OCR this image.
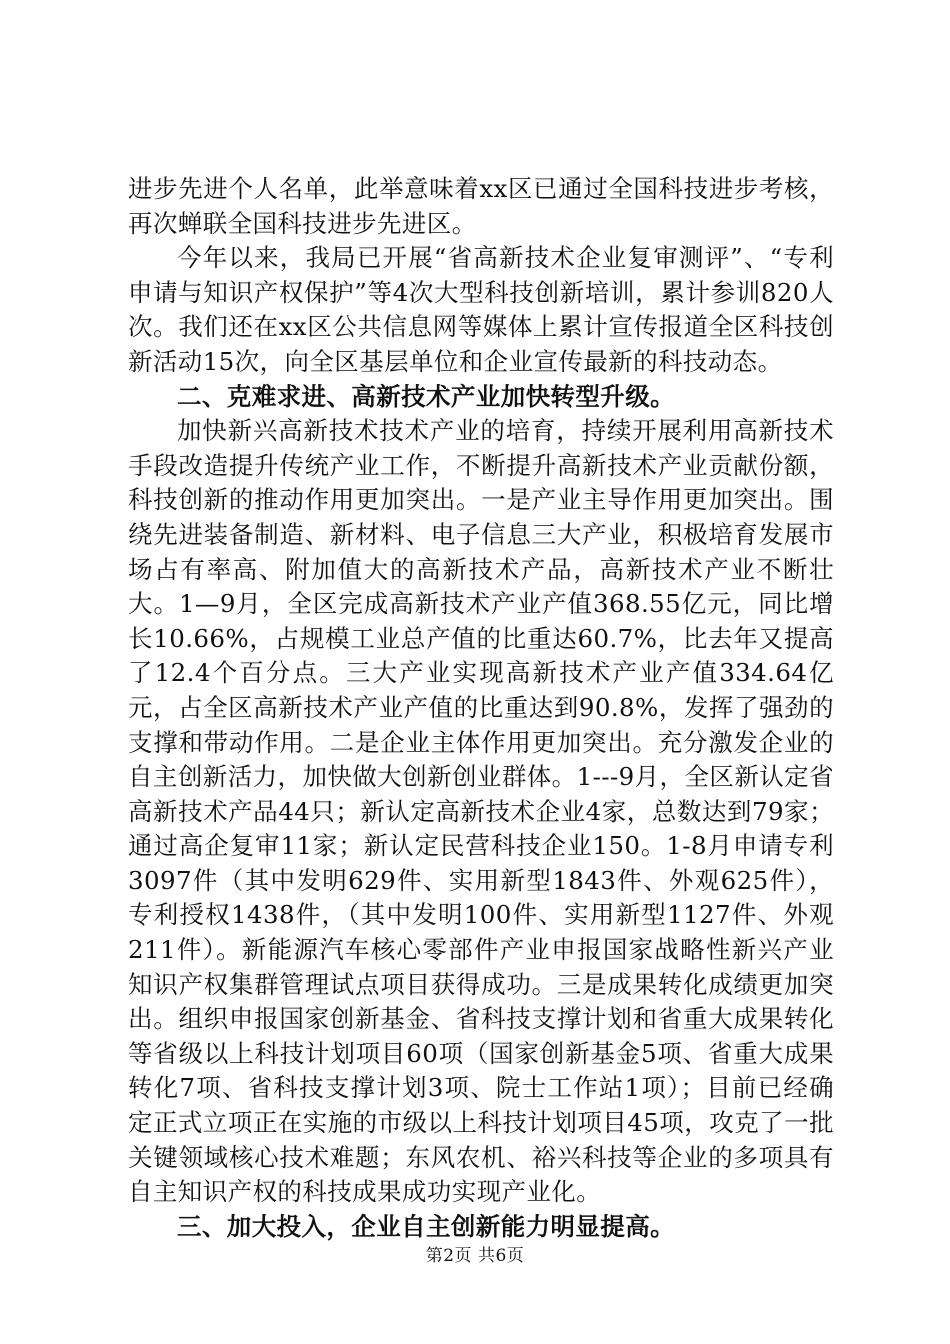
进步先进个人名单，此举意味着xx区已通过全国科技进步考核，再次蝉联全国科技进步先进区。

今年以来，我局已开展“省高新技术企业复审测评”、“专利申请与知识产权保护”等4次大型科技创新培训，累计参训820人次。我们还在xx区公共信息网等媒体上累计宣传报道全区科技创新活动15次，向全区基层单位和企业宣传最新的科技动态。

二、克难求进、高新技术产业加快转型升级。

加快新兴高新技术技术产业的培育，持续开展利用高新技术手段改造提升传统产业工作，不断提升高新技术产业贡献份额，科技创新的推动作用更加突出。一是产业主导作用更加突出。围绕先进装备制造、新材料、电子信息三大产业，积极培育发展市场占有率高、附加值大的高新技术产品，高新技术产业不断壮大。1—9月，全区完成高新技术产业产值368.55亿元，同比增长10.66%，占规模工业总产值的比重达60.7%，比去年又提高了12.4个百分点。三大产业实现高新技术产业产值334.64亿元，占全区高新技术产业产值的比重达到90.8%，发挥了强劲的支撑和带动作用。二是企业主体作用更加突出。充分激发企业的自主创新活力，加快做大创新创业群体。1---9月，全区新认定省高新技术产品44只；新认定高新技术企业4家，总数达到79家；通过高企复审11家；新认定民营科技企业150。1-8月申请专利3097件（其中发明629件、实用新型1843件、外观625件），专利授权1438件，（其中发明100件、实用新型1127件、外观211件）。新能源汽车核心零部件产业申报国家战略性新兴产业知识产权集群管理试点项目获得成功。三是成果转化成绩更加突出。组织申报国家创新基金、省科技支撑计划和省重大成果转化等省级以上科技计划项目60项（国家创新基金5项、省重大成果转化7项、省科技支撑计划3项、院士工作站1项）；目前已经确定正式立项正在实施的市级以上科技计划项目45项，攻克了一批关键领域核心技术难题；东风农机、裕兴科技等企业的多项具有自主知识产权的科技成果成功实现产业化。

三、加大投入，企业自主创新能力明显提高。

第2页 共6页
